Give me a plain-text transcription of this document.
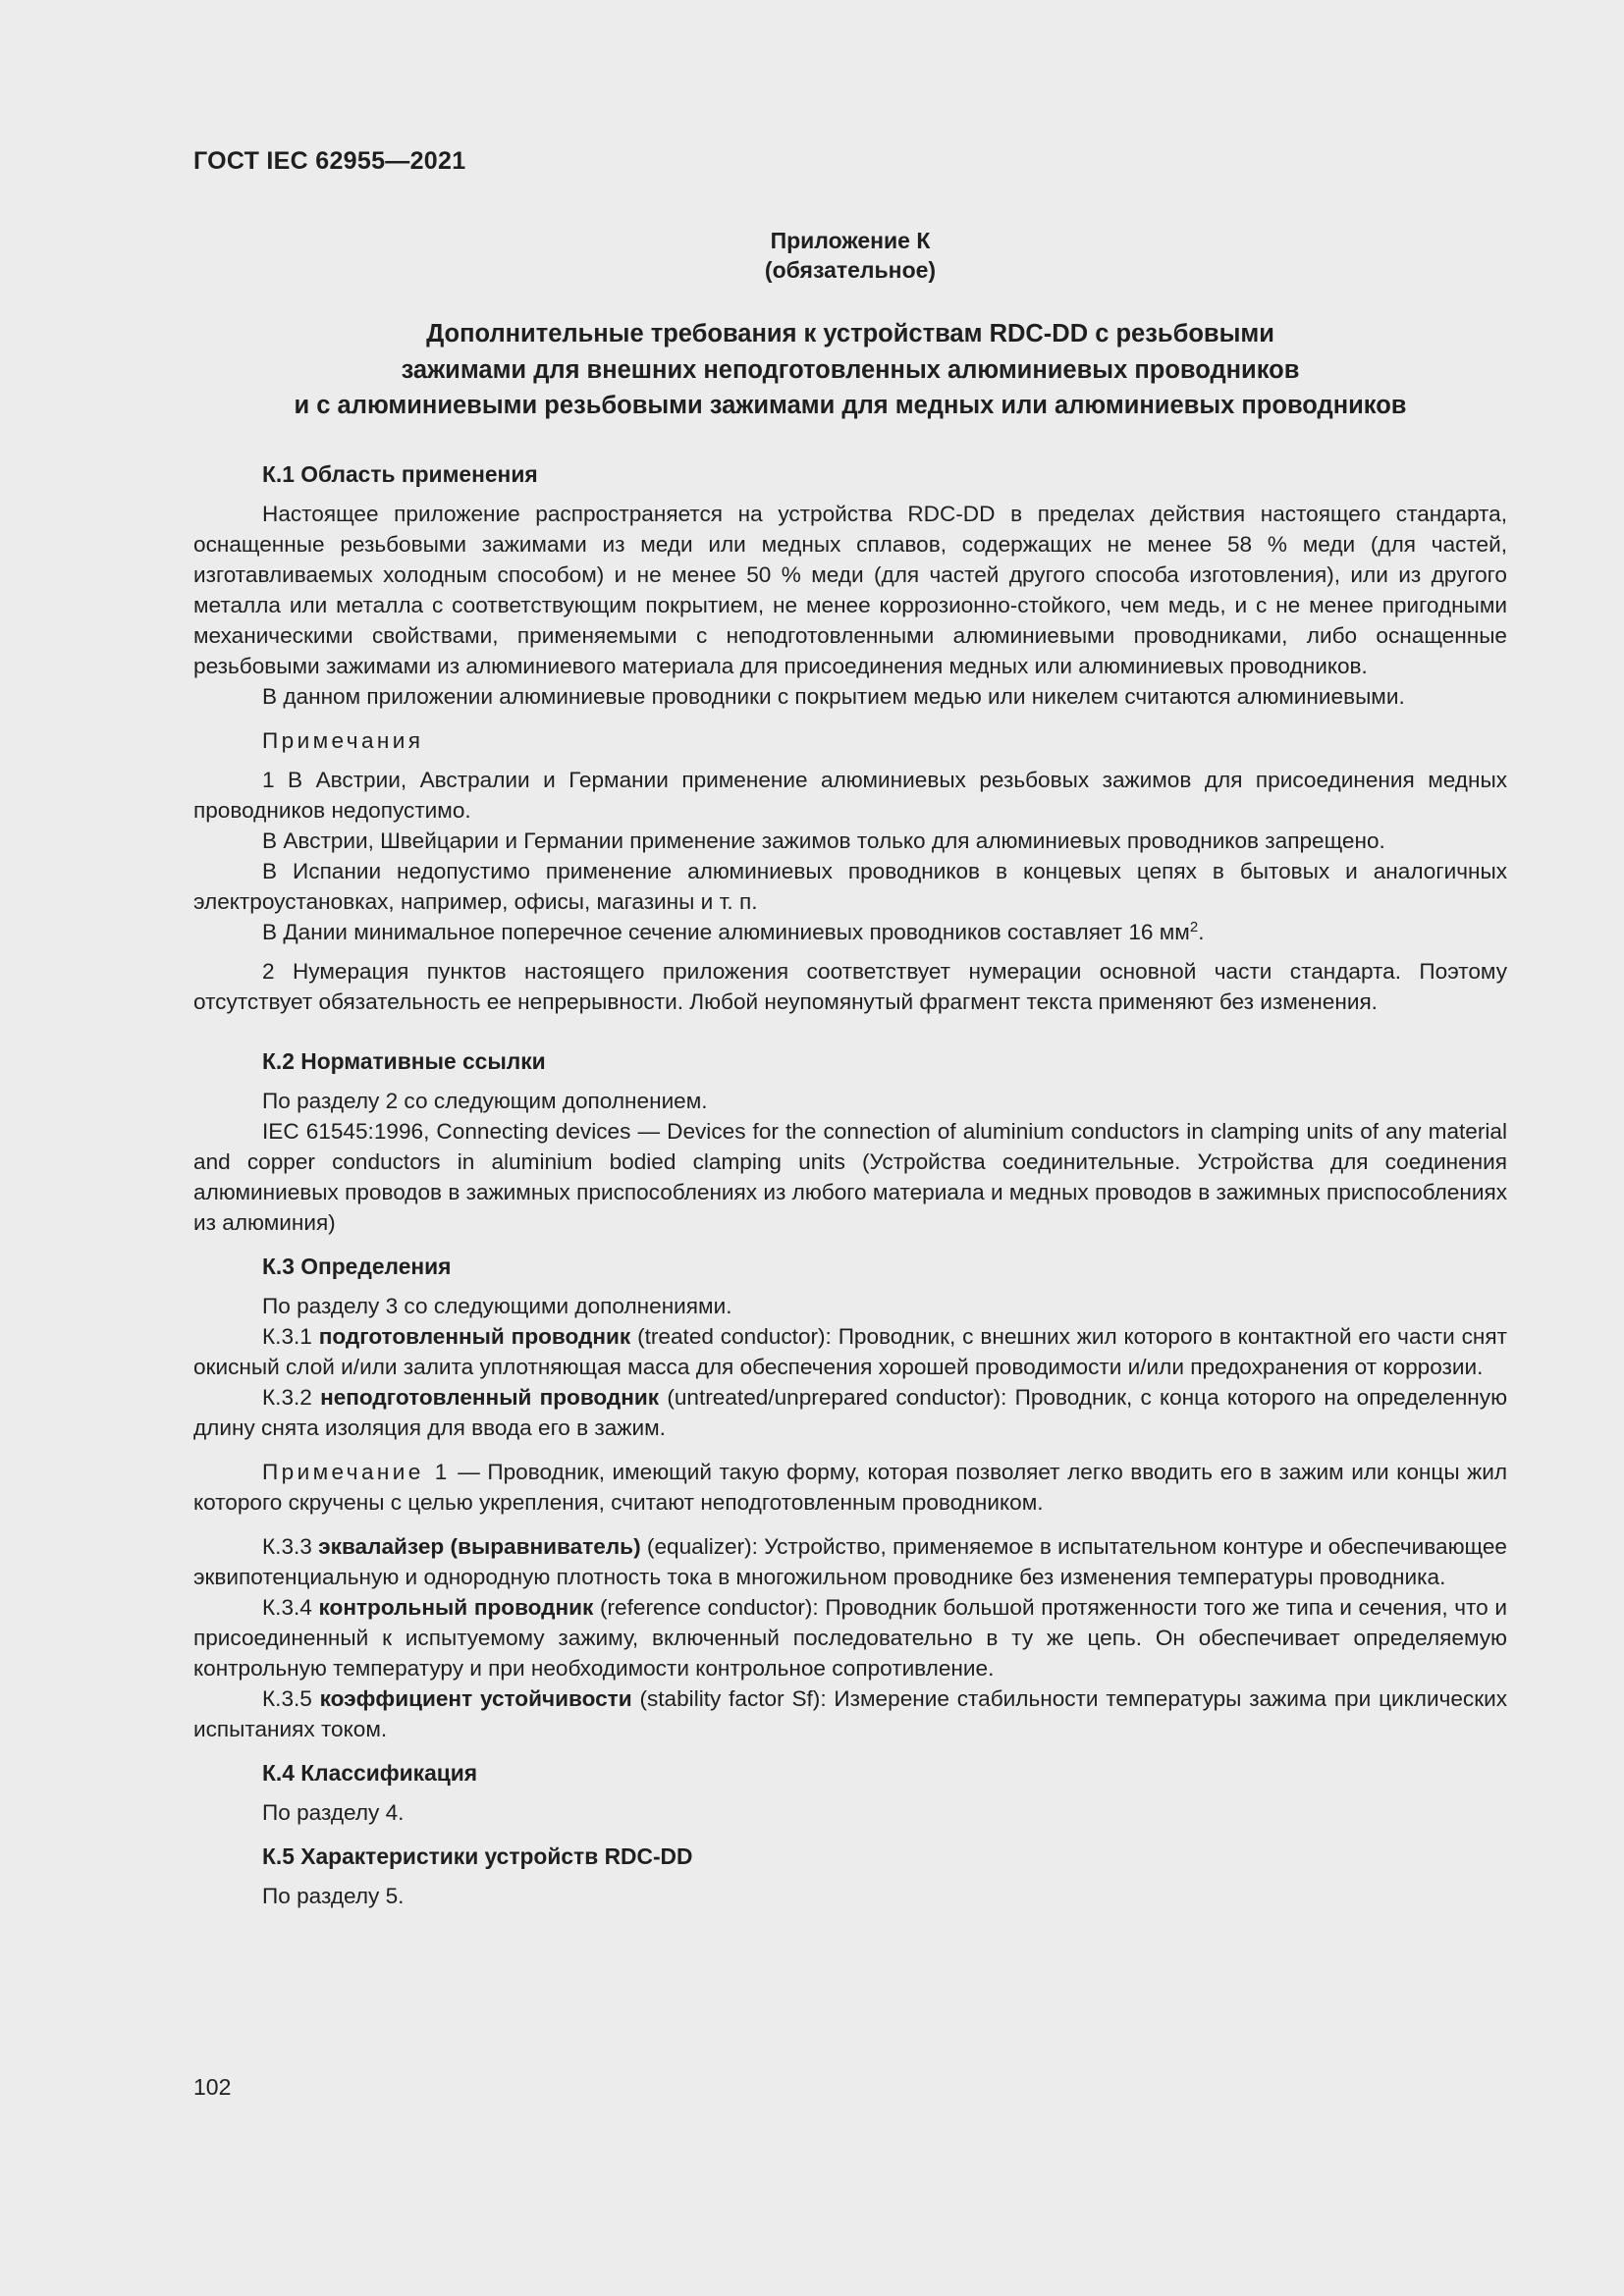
ГОСТ IEC 62955—2021
Приложение К
(обязательное)
Дополнительные требования к устройствам RDC-DD с резьбовыми
зажимами для внешних неподготовленных алюминиевых проводников
и с алюминиевыми резьбовыми зажимами для медных или алюминиевых проводников
К.1 Область применения

Настоящее приложение распространяется на устройства RDC-DD в пределах действия настоящего стандарта, оснащенные резьбовыми зажимами из меди или медных сплавов, содержащих не менее 58 % меди (для частей, изготавливаемых холодным способом) и не менее 50 % меди (для частей другого способа изготовления), или из другого металла или металла с соответствующим покрытием, не менее коррозионно-стойкого, чем медь, и с не менее пригодными механическими свойствами, применяемыми с неподготовленными алюминиевыми проводниками, либо оснащенные резьбовыми зажимами из алюминиевого материала для присоединения медных или алюминиевых проводников.

В данном приложении алюминиевые проводники с покрытием медью или никелем считаются алюминиевыми.

Примечания

1 В Австрии, Австралии и Германии применение алюминиевых резьбовых зажимов для присоединения медных проводников недопустимо.

В Австрии, Швейцарии и Германии применение зажимов только для алюминиевых проводников запрещено.

В Испании недопустимо применение алюминиевых проводников в концевых цепях в бытовых и аналогичных электроустановках, например, офисы, магазины и т. п.

В Дании минимальное поперечное сечение алюминиевых проводников составляет 16 $мм^2$.

2 Нумерация пунктов настоящего приложения соответствует нумерации основной части стандарта. Поэтому отсутствует обязательность ее непрерывности. Любой неупомянутый фрагмент текста применяют без изменения.

К.2 Нормативные ссылки

По разделу 2 со следующим дополнением.

IEC 61545:1996, Connecting devices — Devices for the connection of aluminium conductors in clamping units of any material and copper conductors in aluminium bodied clamping units (Устройства соединительные. Устройства для соединения алюминиевых проводов в зажимных приспособлениях из любого материала и медных проводов в зажимных приспособлениях из алюминия)

К.3 Определения

По разделу 3 со следующими дополнениями.

К.3.1 подготовленный проводник (treated conductor): Проводник, с внешних жил которого в контактной его части снят окисный слой и/или залита уплотняющая масса для обеспечения хорошей проводимости и/или предохранения от коррозии.

К.3.2 неподготовленный проводник (untreated/unprepared conductor): Проводник, с конца которого на определенную длину снята изоляция для ввода его в зажим.

Примечание 1 — Проводник, имеющий такую форму, которая позволяет легко вводить его в зажим или концы жил которого скручены с целью укрепления, считают неподготовленным проводником.

К.3.3 эквалайзер (выравниватель) (equalizer): Устройство, применяемое в испытательном контуре и обеспечивающее эквипотенциальную и однородную плотность тока в многожильном проводнике без изменения температуры проводника.

К.3.4 контрольный проводник (reference conductor): Проводник большой протяженности того же типа и сечения, что и присоединенный к испытуемому зажиму, включенный последовательно в ту же цепь. Он обеспечивает определяемую контрольную температуру и при необходимости контрольное сопротивление.

К.3.5 коэффициент устойчивости (stability factor Sf): Измерение стабильности температуры зажима при циклических испытаниях током.

К.4 Классификация

По разделу 4.

К.5 Характеристики устройств RDC-DD

По разделу 5.

102
